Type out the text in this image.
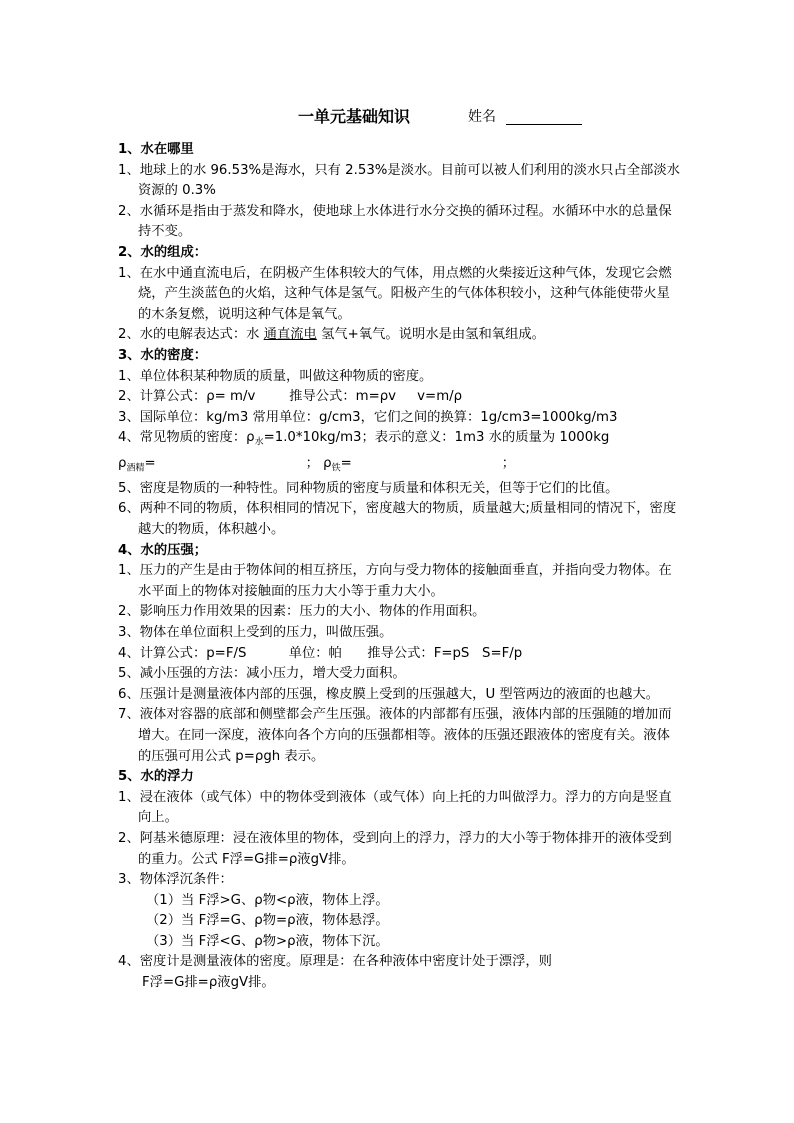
一单元基础知识	姓名
1、水在哪里
1、地球上的水 96.53%是海水，只有 2.53%是淡水。目前可以被人们利用的淡水只占全部淡水资源的 0.3%
2、水循环是指由于蒸发和降水，使地球上水体进行水分交换的循环过程。水循环中水的总量保持不变。
2、水的组成：
1、在水中通直流电后，在阴极产生体积较大的气体，用点燃的火柴接近这种气体，发现它会燃烧，产生淡蓝色的火焰，这种气体是氢气。阳极产生的气体体积较小，这种气体能使带火星的木条复燃，说明这种气体是氧气。
2、水的电解表达式：水 通直流电 氢气+氧气。说明水是由氢和氧组成。
3、水的密度：
1、单位体积某种物质的质量，叫做这种物质的密度。
2、计算公式：ρ= m/v        推导公式：m=ρv     v=m/ρ
3、国际单位：kg/m3 常用单位：g/cm3，它们之间的换算：1g/cm3=1000kg/m3
4、常见物质的密度：$\rho_水=1.0*10kg/m3$；表示的意义：1m3 水的质量为 1000kg
$\rho_{酒精}=$	； $\rho_铁=$	；
5、密度是物质的一种特性。同种物质的密度与质量和体积无关，但等于它们的比值。
6、两种不同的物质，体积相同的情况下，密度越大的物质，质量越大;质量相同的情况下，密度越大的物质，体积越小。
4、水的压强；
1、压力的产生是由于物体间的相互挤压，方向与受力物体的接触面垂直，并指向受力物体。在水平面上的物体对接触面的压力大小等于重力大小。
2、影响压力作用效果的因素：压力的大小、物体的作用面积。
3、物体在单位面积上受到的压力，叫做压强。
4、计算公式：p=F/S          单位：帕      推导公式：F=pS   S=F/p
5、减小压强的方法：减小压力，增大受力面积。
6、压强计是测量液体内部的压强，橡皮膜上受到的压强越大，U 型管两边的液面的也越大。
7、液体对容器的底部和侧壁都会产生压强。液体的内部都有压强，液体内部的压强随的增加而增大。在同一深度，液体向各个方向的压强都相等。液体的压强还跟液体的密度有关。液体的压强可用公式 p=ρgh 表示。
5、水的浮力
1、浸在液体（或气体）中的物体受到液体（或气体）向上托的力叫做浮力。浮力的方向是竖直向上。
2、阿基米德原理：浸在液体里的物体，受到向上的浮力，浮力的大小等于物体排开的液体受到的重力。公式 F浮=G排=ρ液gV排。
3、物体浮沉条件：
（1）当 F浮>G、ρ物<ρ液，物体上浮。
（2）当 F浮=G、ρ物=ρ液，物体悬浮。
（3）当 F浮<G、ρ物>ρ液，物体下沉。
4、密度计是测量液体的密度。原理是：在各种液体中密度计处于漂浮，则
F浮=G排=ρ液gV排。
